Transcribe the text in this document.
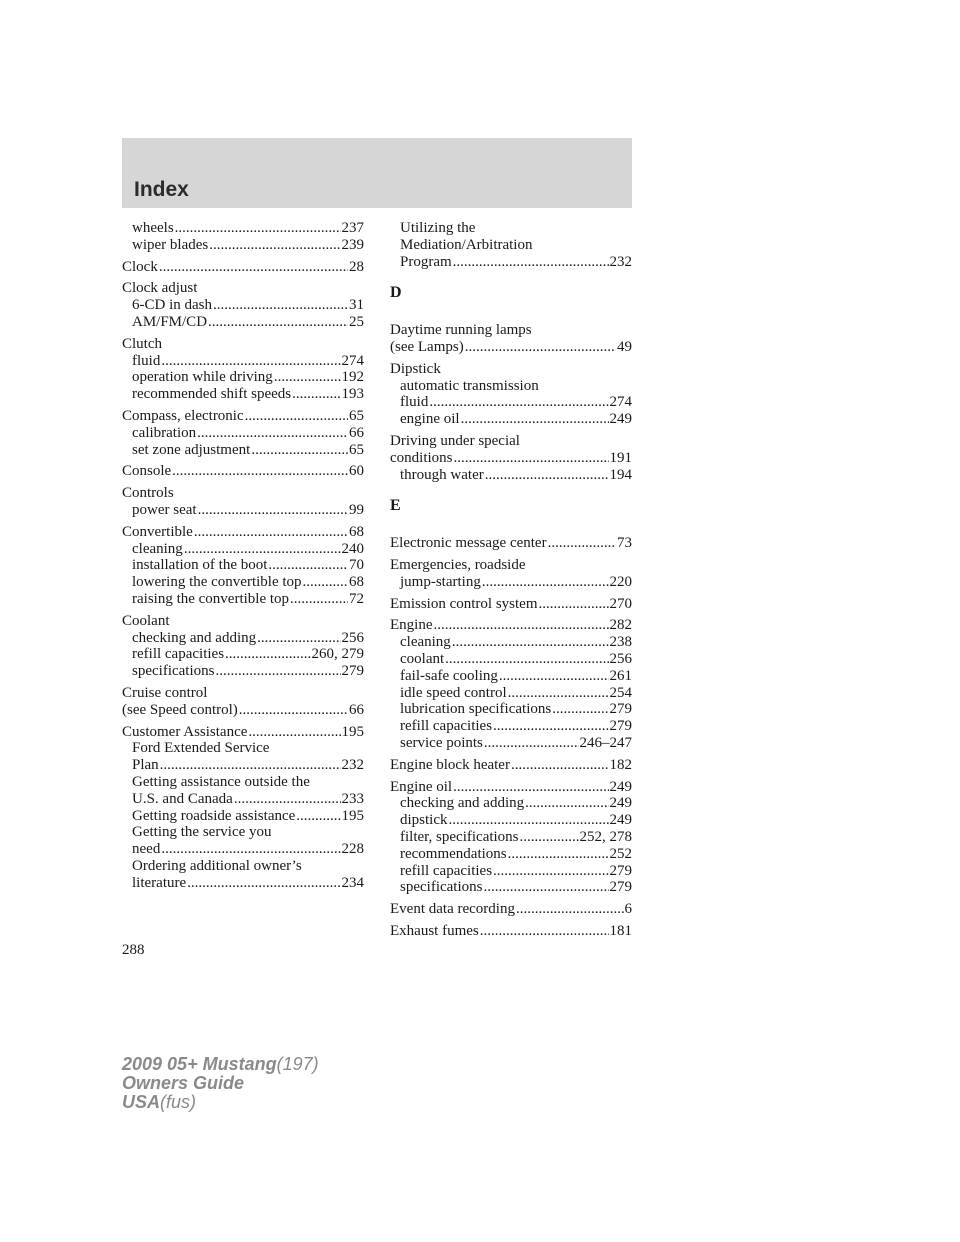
Index
wheels .....	237
wiper blades .....	239
Clock .....	28
Clock adjust
6-CD in dash .....	31
AM/FM/CD .....	25
Clutch
fluid .....	274
operation while driving .....	192
recommended shift speeds .....	193
Compass, electronic .....	65
calibration .....	66
set zone adjustment .....	65
Console .....	60
Controls
power seat .....	99
Convertible .....	68
cleaning .....	240
installation of the boot .....	70
lowering the convertible top .....	68
raising the convertible top .....	72
Coolant
checking and adding .....	256
refill capacities .....	260, 279
specifications .....	279
Cruise control
(see Speed control) .....	66
Customer Assistance .....	195
Ford Extended Service
Plan .....	232
Getting assistance outside the
U.S. and Canada .....	233
Getting roadside assistance .....	195
Getting the service you
need .....	228
Ordering additional owner’s
literature .....	234
Utilizing the
Mediation/Arbitration
Program .....	232
D
Daytime running lamps
(see Lamps) .....	49
Dipstick
automatic transmission
fluid .....	274
engine oil .....	249
Driving under special
conditions .....	191
through water .....	194
E
Electronic message center .....	73
Emergencies, roadside
jump-starting .....	220
Emission control system .....	270
Engine .....	282
cleaning .....	238
coolant .....	256
fail-safe cooling .....	261
idle speed control .....	254
lubrication specifications .....	279
refill capacities .....	279
service points .....	246–247
Engine block heater .....	182
Engine oil .....	249
checking and adding .....	249
dipstick .....	249
filter, specifications .....	252, 278
recommendations .....	252
refill capacities .....	279
specifications .....	279
Event data recording .....	6
Exhaust fumes .....	181
288
2009 05+ Mustang(197)
Owners Guide
USA(fus)
